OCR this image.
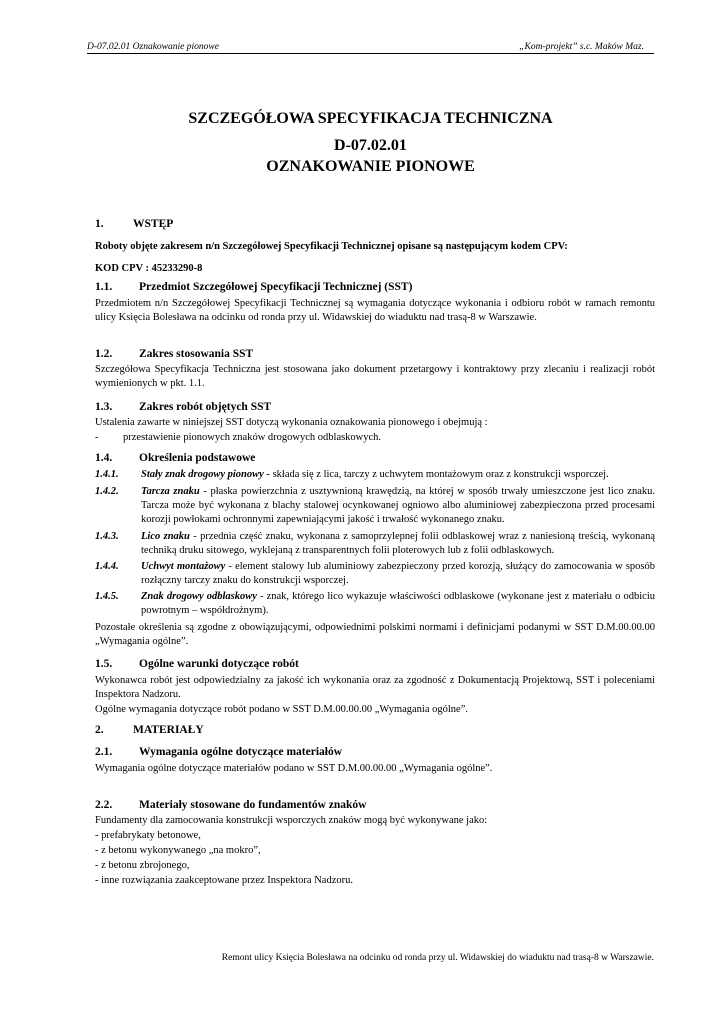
D-07.02.01 Oznakowanie pionowe	„Kom-projekt” s.c. Maków Maz.
SZCZEGÓŁOWA SPECYFIKACJA TECHNICZNA
D-07.02.01
OZNAKOWANIE PIONOWE
1.	WSTĘP
Roboty objęte zakresem n/n Szczegółowej Specyfikacji Technicznej opisane są następującym kodem CPV:
KOD CPV : 45233290-8
1.1. Przedmiot Szczegółowej Specyfikacji Technicznej (SST)
Przedmiotem n/n Szczegółowej Specyfikacji Technicznej są wymagania dotyczące wykonania i odbioru robót w ramach remontu ulicy Księcia Bolesława na odcinku od ronda przy ul. Widawskiej do wiaduktu nad trasą-8 w Warszawie.
1.2. Zakres stosowania SST
Szczegółowa Specyfikacja Techniczna jest stosowana jako dokument przetargowy i kontraktowy przy zlecaniu i realizacji robót wymienionych w pkt. 1.1.
1.3. Zakres robót objętych SST
Ustalenia zawarte w niniejszej SST dotyczą wykonania oznakowania pionowego i obejmują :
- przestawienie pionowych znaków drogowych odblaskowych.
1.4. Określenia podstawowe
1.4.1. Stały znak drogowy pionowy - składa się z lica, tarczy z uchwytem montażowym oraz z konstrukcji wsporczej.
1.4.2. Tarcza znaku - płaska powierzchnia z usztywnioną krawędzią, na której w sposób trwały umieszczone jest lico znaku. Tarcza może być wykonana z blachy stalowej ocynkowanej ogniowo albo aluminiowej zabezpieczona przed procesami korozji powłokami ochronnymi zapewniającymi jakość i trwałość wykonanego znaku.
1.4.3. Lico znaku - przednia część znaku, wykonana z samoprzylepnej folii odblaskowej wraz z naniesioną treścią, wykonaną techniką druku sitowego, wyklejaną z transparentnych folii ploterowych lub z folii odblaskowych.
1.4.4. Uchwyt montażowy - element stalowy lub aluminiowy zabezpieczony przed korozją, służący do zamocowania w sposób rozłączny tarczy znaku do konstrukcji wsporczej.
1.4.5. Znak drogowy odblaskowy - znak, którego lico wykazuje właściwości odblaskowe (wykonane jest z materiału o odbiciu powrotnym – współdrożnym).
Pozostałe określenia są zgodne z obowiązującymi, odpowiednimi polskimi normami i definicjami podanymi w SST D.M.00.00.00 „Wymagania ogólne”.
1.5. Ogólne warunki dotyczące robót
Wykonawca robót jest odpowiedzialny za jakość ich wykonania oraz za zgodność z Dokumentacją Projektową, SST i poleceniami Inspektora Nadzoru.
Ogólne wymagania dotyczące robót podano w SST D.M.00.00.00 „Wymagania ogólne”.
2.	MATERIAŁY
2.1. Wymagania ogólne dotyczące materiałów
Wymagania ogólne dotyczące materiałów podano w SST D.M.00.00.00 „Wymagania ogólne”.
2.2. Materiały stosowane do fundamentów znaków
Fundamenty dla zamocowania konstrukcji wsporczych znaków mogą być wykonywane jako:
- prefabrykaty betonowe,
- z betonu wykonywanego „na mokro”,
- z betonu zbrojonego,
- inne rozwiązania zaakceptowane przez Inspektora Nadzoru.
Remont ulicy Księcia Bolesława na odcinku od ronda przy ul. Widawskiej do wiaduktu nad trasą-8 w Warszawie.
